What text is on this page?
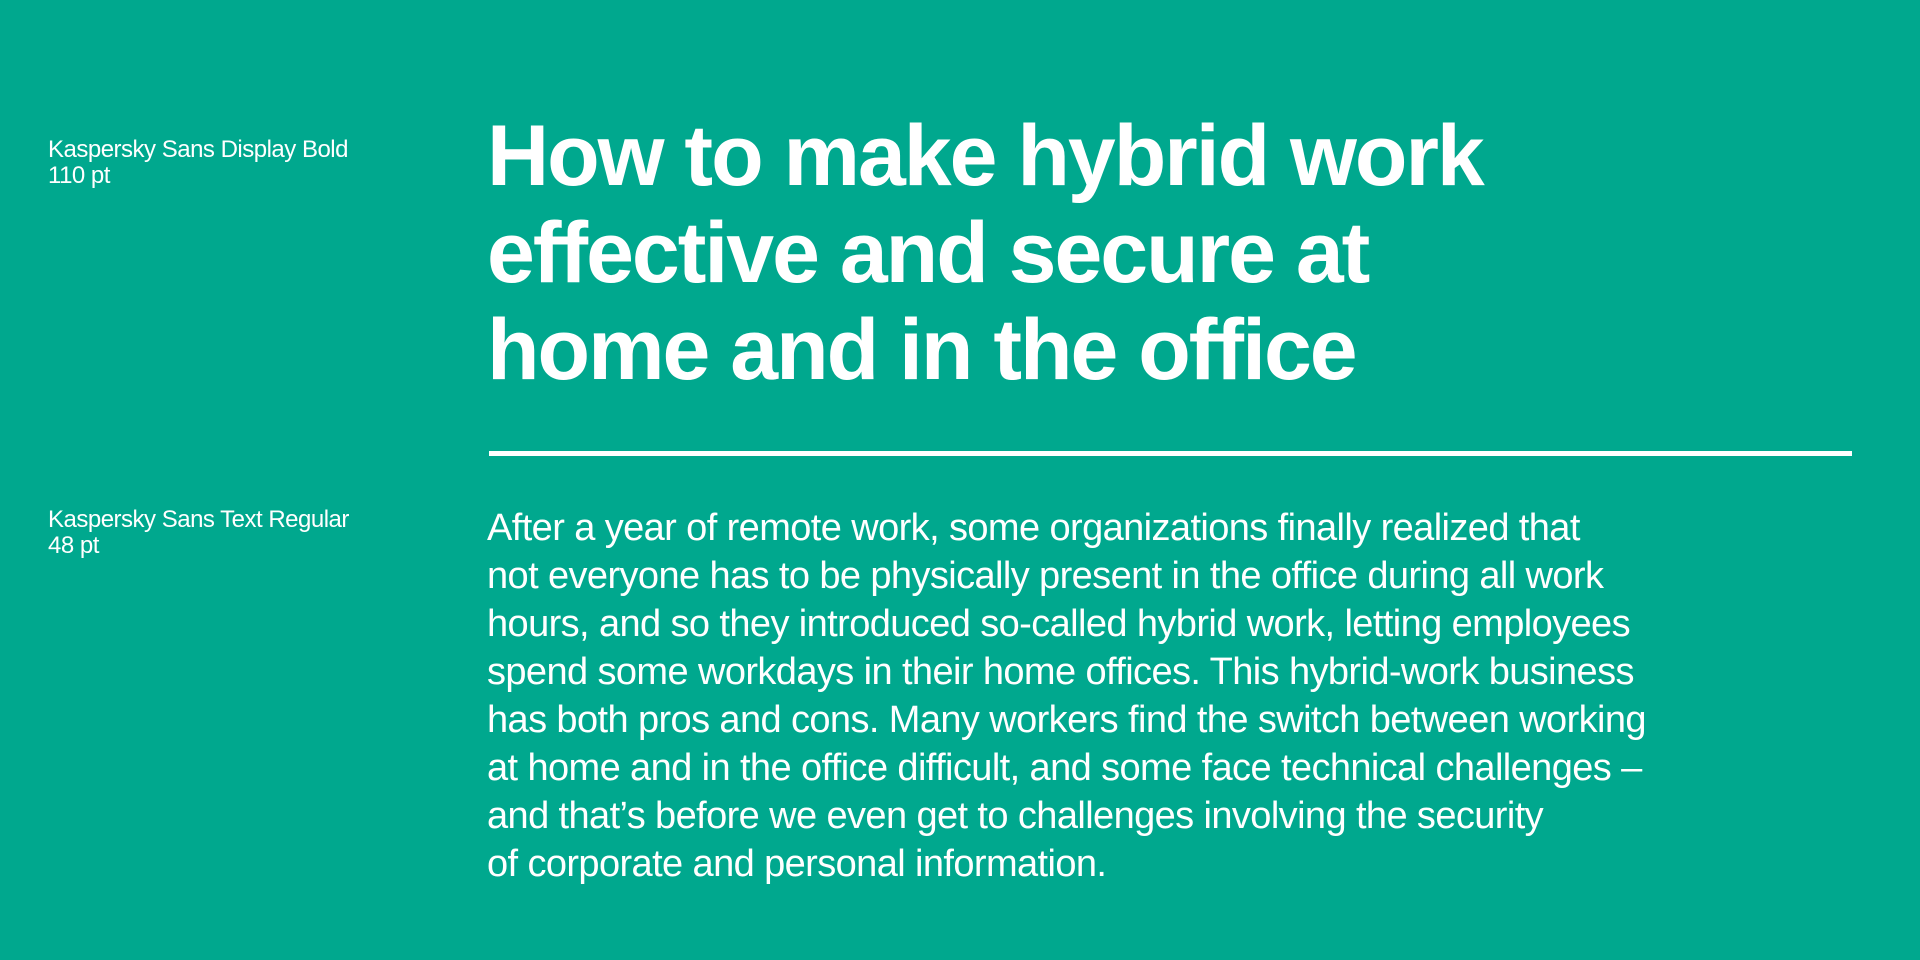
Kaspersky Sans Display Bold
110 pt	How to make hybrid work
effective and secure at
home and in the office
Kaspersky Sans Text Regular
48 pt	After a year of remote work, some organizations finally realized that
not everyone has to be physically present in the office during all work
hours, and so they introduced so-called hybrid work, letting employees
spend some workdays in their home offices. This hybrid-work business
has both pros and cons. Many workers find the switch between working
at home and in the office difficult, and some face technical challenges –
and that’s before we even get to challenges involving the security
of corporate and personal information.
